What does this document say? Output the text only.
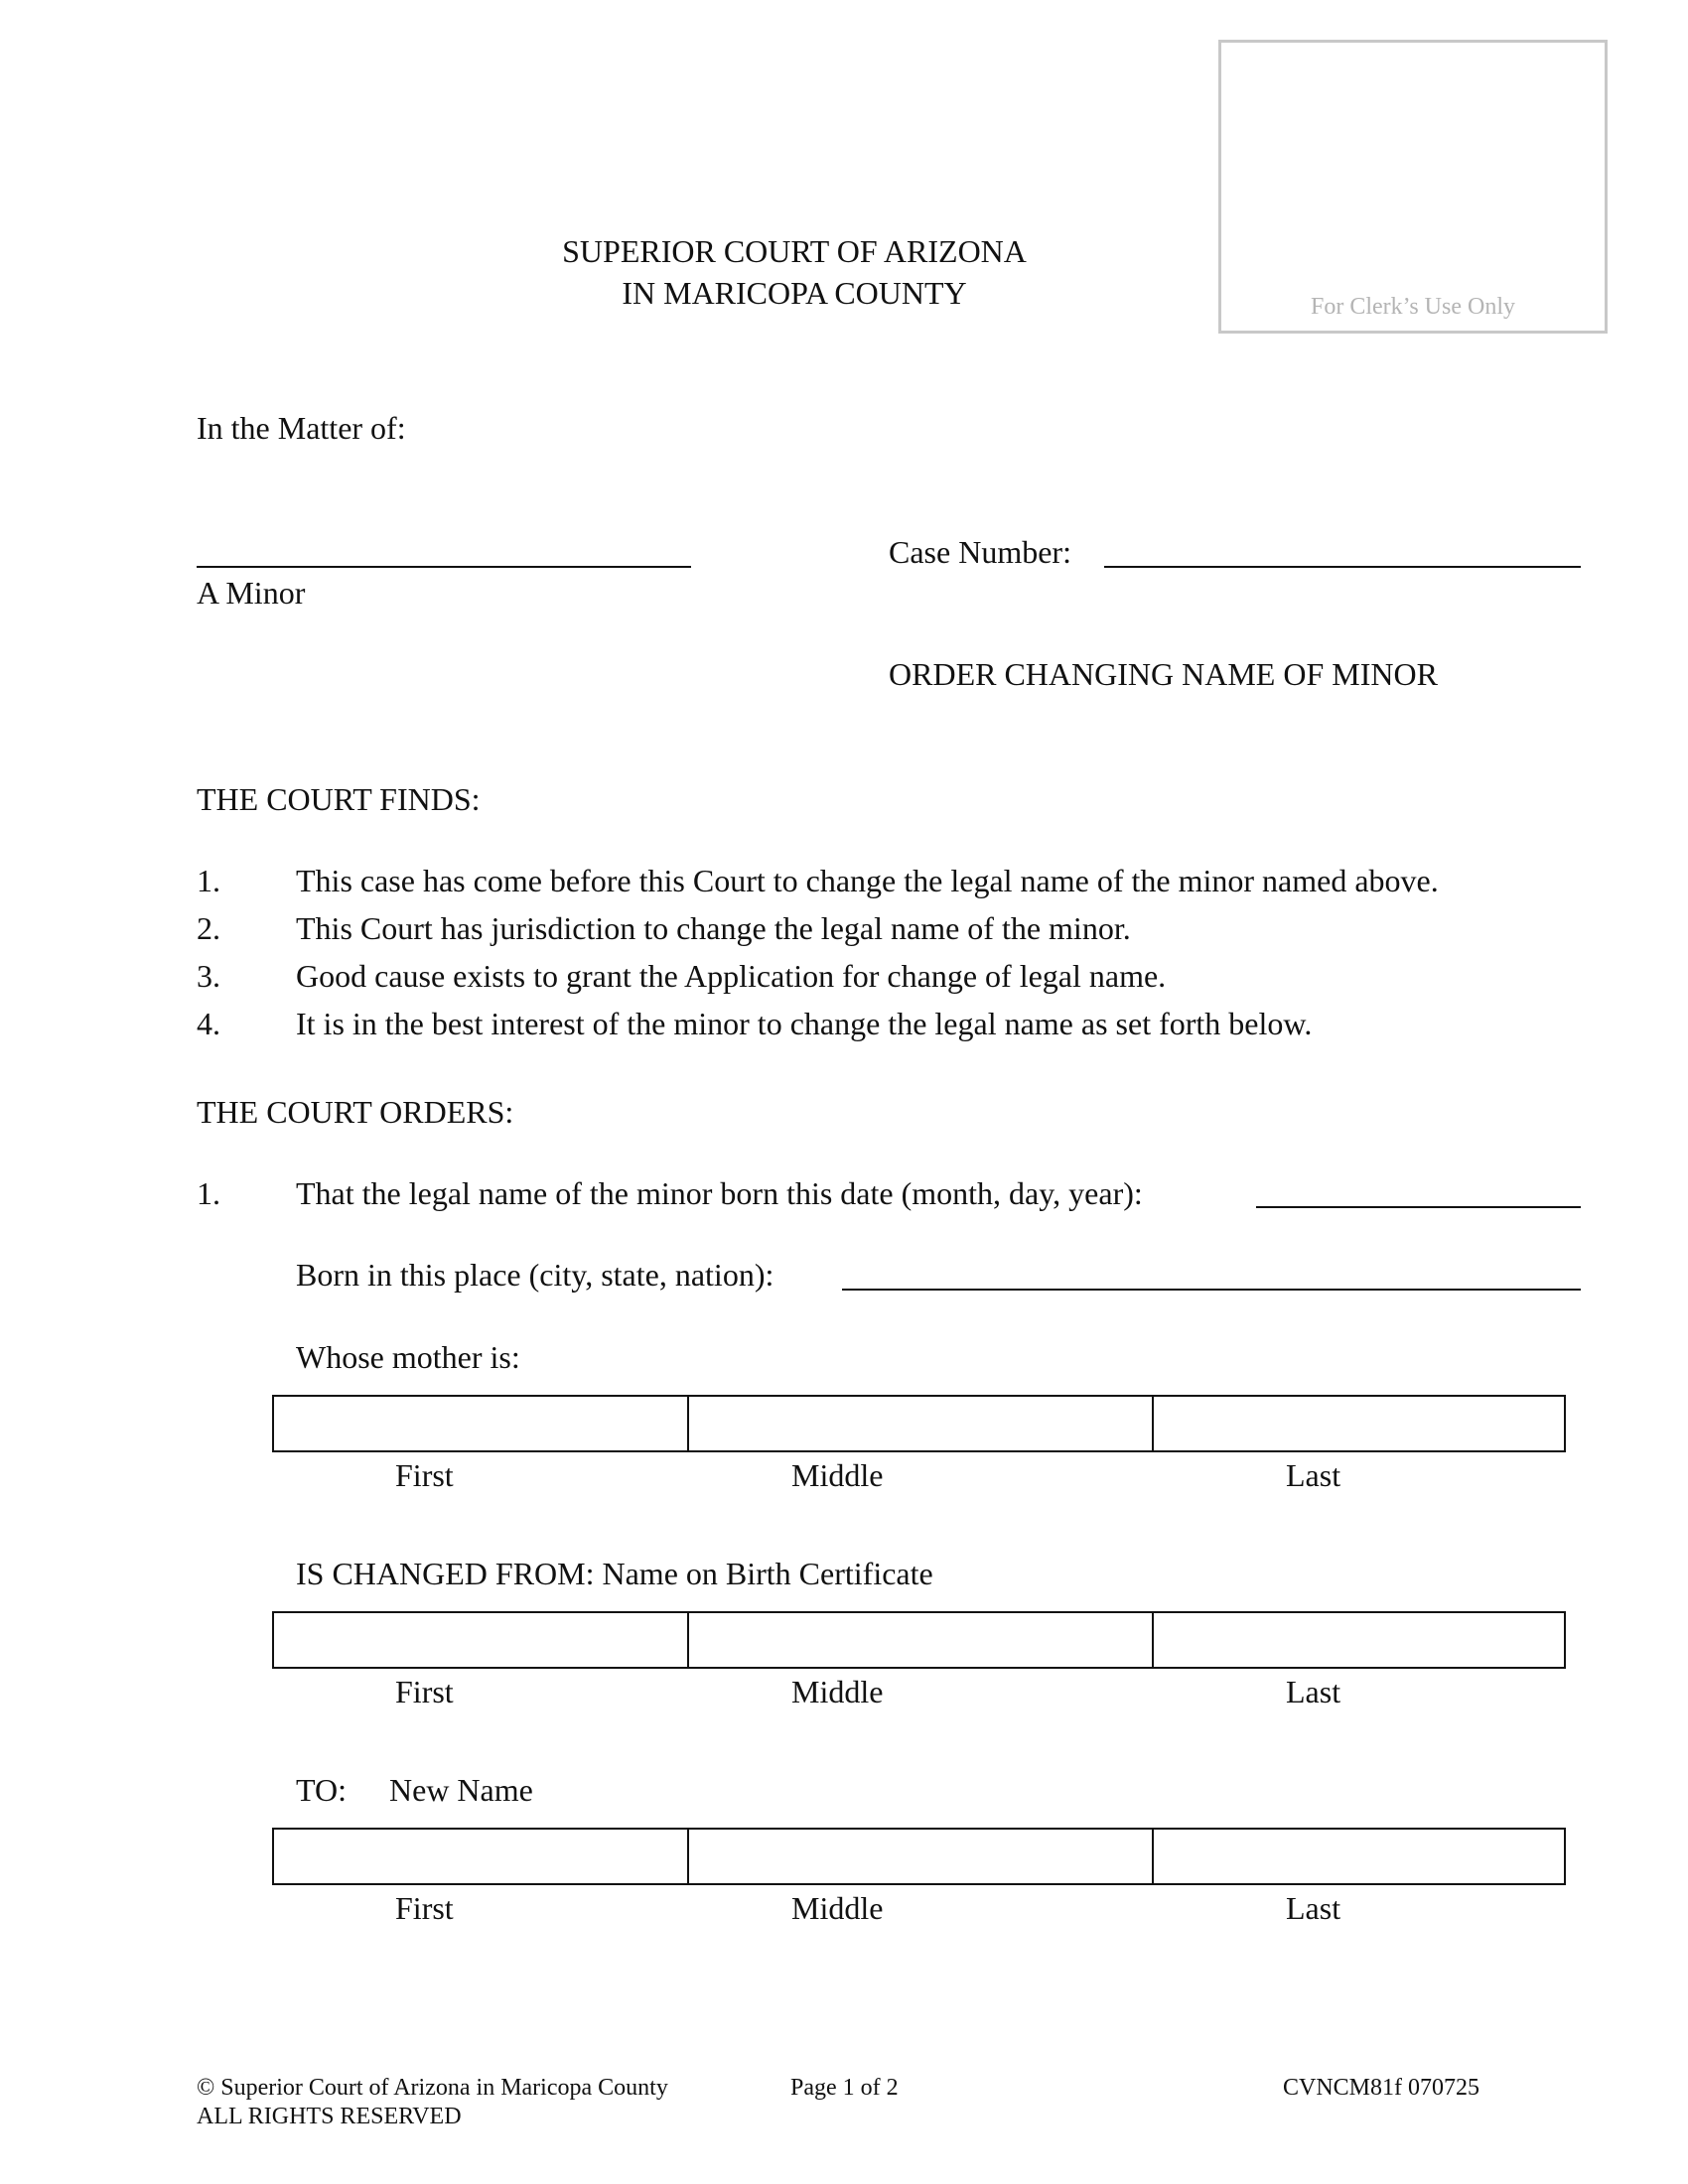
For Clerk’s Use Only
SUPERIOR COURT OF ARIZONA
IN MARICOPA COUNTY
In the Matter of:
A Minor
Case Number:
ORDER CHANGING NAME OF MINOR
THE COURT FINDS:
1. This case has come before this Court to change the legal name of the minor named above.
2. This Court has jurisdiction to change the legal name of the minor.
3. Good cause exists to grant the Application for change of legal name.
4. It is in the best interest of the minor to change the legal name as set forth below.
THE COURT ORDERS:
1. That the legal name of the minor born this date (month, day, year):
Born in this place (city, state, nation):
Whose mother is:
First	Middle	Last
IS CHANGED FROM: Name on Birth Certificate
First	Middle	Last
TO: New Name
First	Middle	Last
© Superior Court of Arizona in Maricopa County
ALL RIGHTS RESERVED
Page 1 of 2	CVNCM81f 070725
